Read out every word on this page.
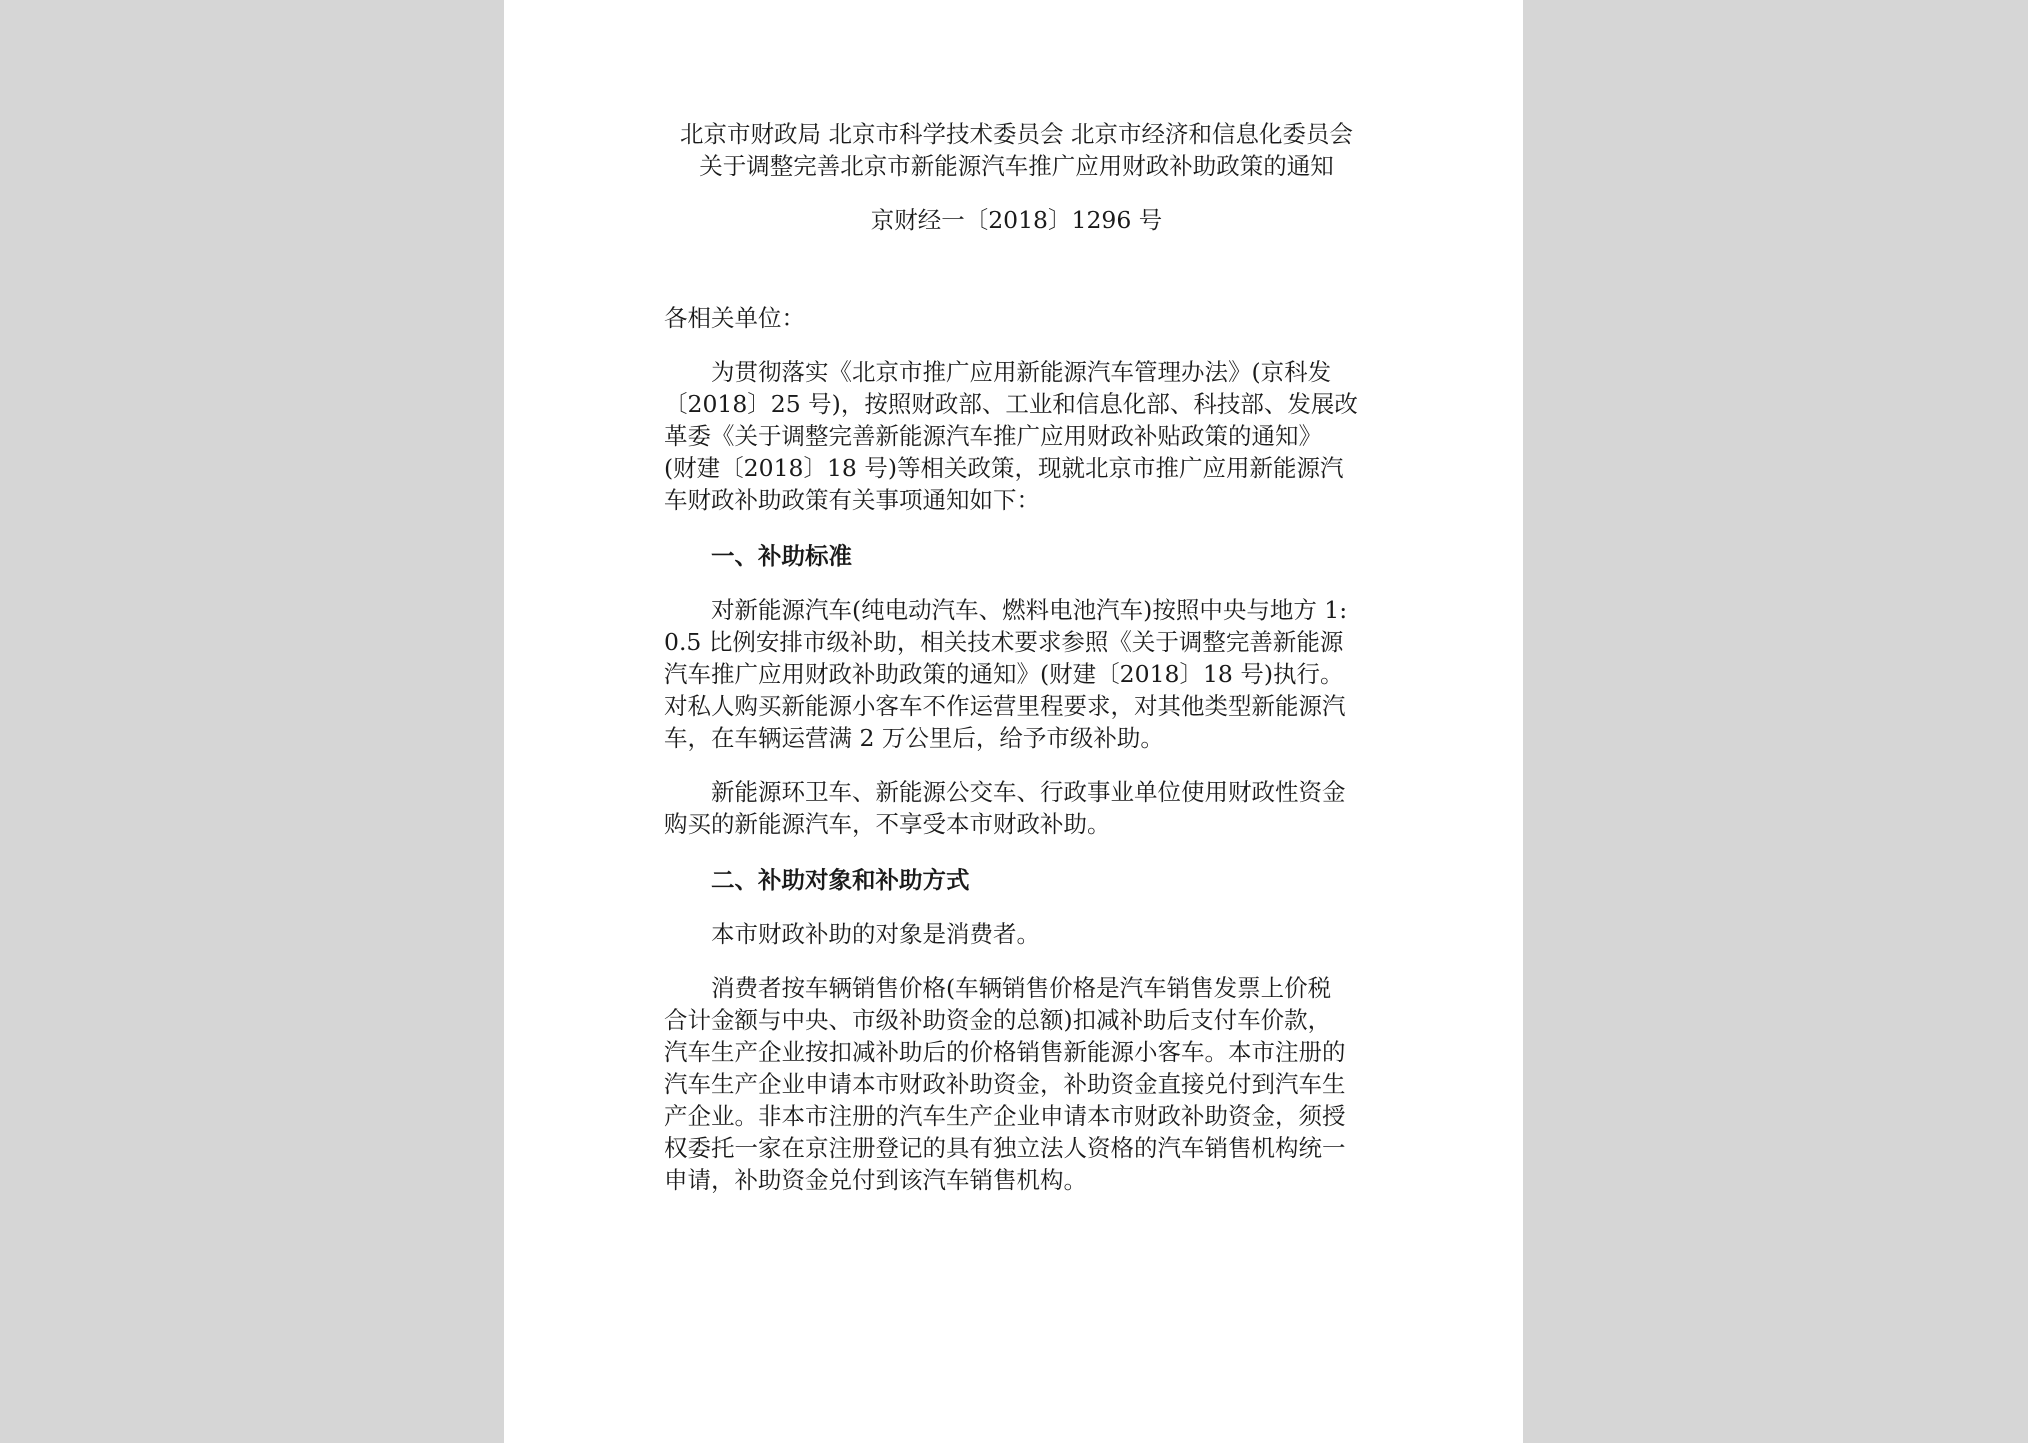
北京市财政局 北京市科学技术委员会 北京市经济和信息化委员会

关于调整完善北京市新能源汽车推广应用财政补助政策的通知

京财经一〔2018〕1296 号

各相关单位：

为贯彻落实《北京市推广应用新能源汽车管理办法》(京科发
〔2018〕25 号)，按照财政部、工业和信息化部、科技部、发展改
革委《关于调整完善新能源汽车推广应用财政补贴政策的通知》
(财建〔2018〕18 号)等相关政策，现就北京市推广应用新能源汽
车财政补助政策有关事项通知如下：

一、补助标准

对新能源汽车(纯电动汽车、燃料电池汽车)按照中央与地方 1:
0.5 比例安排市级补助，相关技术要求参照《关于调整完善新能源
汽车推广应用财政补助政策的通知》(财建〔2018〕18 号)执行。
对私人购买新能源小客车不作运营里程要求，对其他类型新能源汽
车，在车辆运营满 2 万公里后，给予市级补助。

新能源环卫车、新能源公交车、行政事业单位使用财政性资金
购买的新能源汽车，不享受本市财政补助。

二、补助对象和补助方式

本市财政补助的对象是消费者。

消费者按车辆销售价格(车辆销售价格是汽车销售发票上价税
合计金额与中央、市级补助资金的总额)扣减补助后支付车价款，
汽车生产企业按扣减补助后的价格销售新能源小客车。本市注册的
汽车生产企业申请本市财政补助资金，补助资金直接兑付到汽车生
产企业。非本市注册的汽车生产企业申请本市财政补助资金，须授
权委托一家在京注册登记的具有独立法人资格的汽车销售机构统一
申请，补助资金兑付到该汽车销售机构。
